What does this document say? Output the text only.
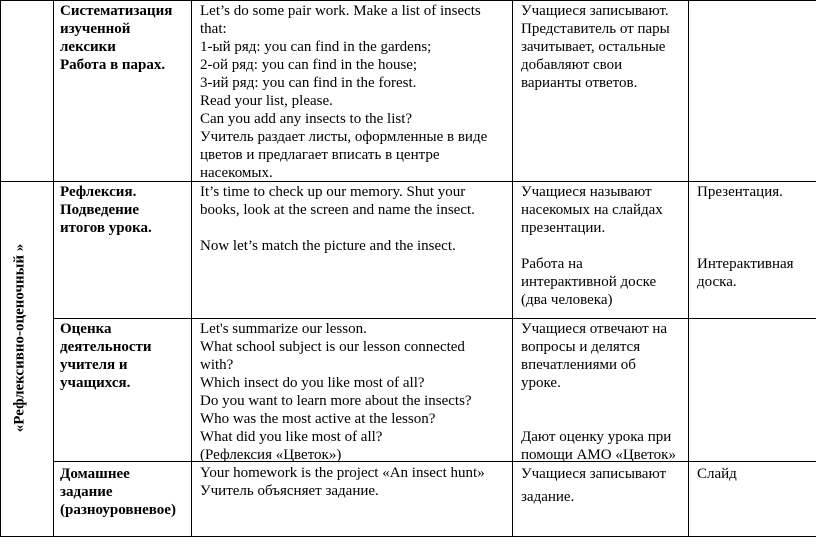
«Рефлексивно-оценочный »
Систематизация
изученной
лексики
Работа в парах.
Let’s do some pair work. Make a list of insects
that:
1-ый ряд: you can find in the gardens;
2-ой ряд: you can find in the house;
3-ий ряд: you can find in the forest.
Read your list, please.
Can you add any insects to the list?
Учитель раздает листы, оформленные в виде
цветов и предлагает вписать в центре
насекомых.
Учащиеся записывают.
Представитель от пары
зачитывает, остальные
добавляют свои
варианты ответов.
Рефлексия.
Подведение
итогов урока.
It’s time to check up our memory. Shut your
books, look at the screen and name the insect.
Now let’s match the picture and the insect.
Учащиеся называют
насекомых на слайдах
презентации.
Работа на
интерактивной доске
(два человека)
Презентация.
Интерактивная
доска.
Оценка
деятельности
учителя и
учащихся.
Let's summarize our lesson.
What school subject is our lesson connected
with?
Which insect do you like most of all?
Do you want to learn more about the insects?
Who was the most active at the lesson?
What did you like most of all?
(Рефлексия «Цветок»)
Учащиеся отвечают на
вопросы и делятся
впечатлениями об
уроке.
Дают оценку урока при
помощи АМО «Цветок»
Домашнее
задание
(разноуровневое)
Your homework is the project «An insect hunt»
Учитель объясняет задание.
Учащиеся записывают
задание.
Слайд
